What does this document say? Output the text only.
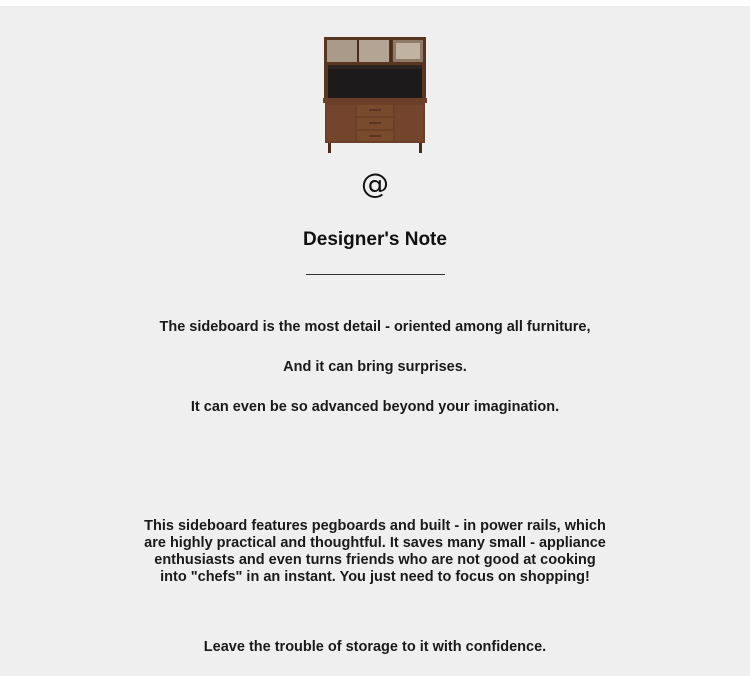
@
Designer's Note
The sideboard is the most detail - oriented among all furniture,
And it can bring surprises.
It can even be so advanced beyond your imagination.
This sideboard features pegboards and built - in power rails, which
are highly practical and thoughtful. It saves many small - appliance
enthusiasts and even turns friends who are not good at cooking
into "chefs" in an instant. You just need to focus on shopping!
Leave the trouble of storage to it with confidence.
